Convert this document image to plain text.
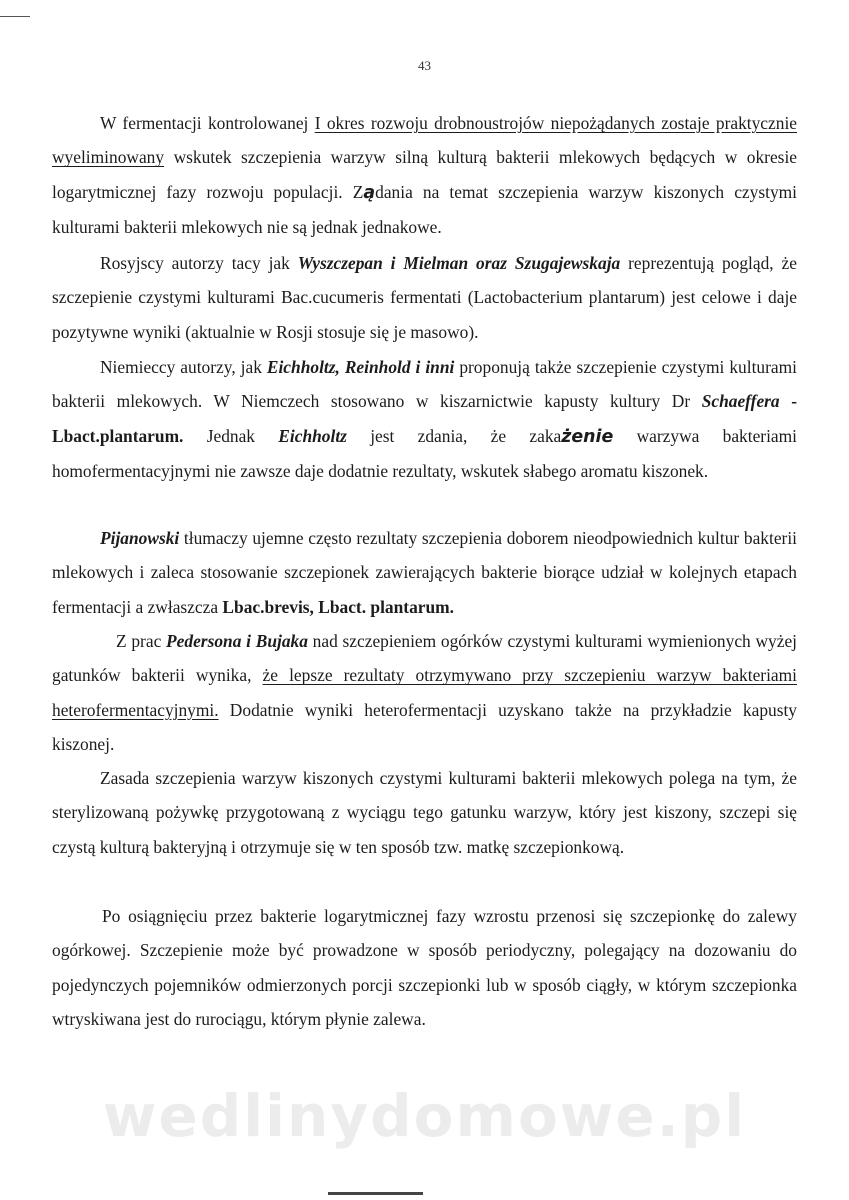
43

W fermentacji kontrolowanej I okres rozwoju drobnoustrojów niepożądanych zostaje praktycznie wyeliminowany wskutek szczepienia warzyw silną kulturą bakterii mlekowych będących w okresie logarytmicznej fazy rozwoju populacji. Ządania na temat szczepienia warzyw kiszonych czystymi kulturami bakterii mlekowych nie są jednak jednakowe.

Rosyjscy autorzy tacy jak Wyszczepan i Mielman oraz Szugajewskaja reprezentują pogląd, że szczepienie czystymi kulturami Bac.cucumeris fermentati (Lactobacterium plantarum) jest celowe i daje pozytywne wyniki (aktualnie w Rosji stosuje się je masowo).

Niemieccy autorzy, jak Eichholtz, Reinhold i inni proponują także szczepienie czystymi kulturami bakterii mlekowych. W Niemczech stosowano w kiszarnictwie kapusty kultury Dr Schaeffera - Lbact.plantarum. Jednak Eichholtz jest zdania, że zakażenie warzywa bakteriami homofermentacyjnymi nie zawsze daje dodatnie rezultaty, wskutek słabego aromatu kiszonek.

Pijanowski tłumaczy ujemne często rezultaty szczepienia doborem nieodpowiednich kultur bakterii mlekowych i zaleca stosowanie szczepionek zawierających bakterie biorące udział w kolejnych etapach fermentacji a zwłaszcza Lbac.brevis, Lbact. plantarum.

Z prac Pedersona i Bujaka nad szczepieniem ogórków czystymi kulturami wymienionych wyżej gatunków bakterii wynika, że lepsze rezultaty otrzymywano przy szczepieniu warzyw bakteriami heterofermentacyjnymi. Dodatnie wyniki heterofermentacji uzyskano także na przykładzie kapusty kiszonej.

Zasada szczepienia warzyw kiszonych czystymi kulturami bakterii mlekowych polega na tym, że sterylizowaną pożywkę przygotowaną z wyciągu tego gatunku warzyw, który jest kiszony, szczepi się czystą kulturą bakteryjną i otrzymuje się w ten sposób tzw. matkę szczepionkową.

Po osiągnięciu przez bakterie logarytmicznej fazy wzrostu przenosi się szczepionkę do zalewy ogórkowej. Szczepienie może być prowadzone w sposób periodyczny, polegający na dozowaniu do pojedynczych pojemników odmierzonych porcji szczepionki lub w sposób ciągły, w którym szczepionka wtryskiwana jest do rurociągu, którym płynie zalewa.

wedlinydomowe.pl
